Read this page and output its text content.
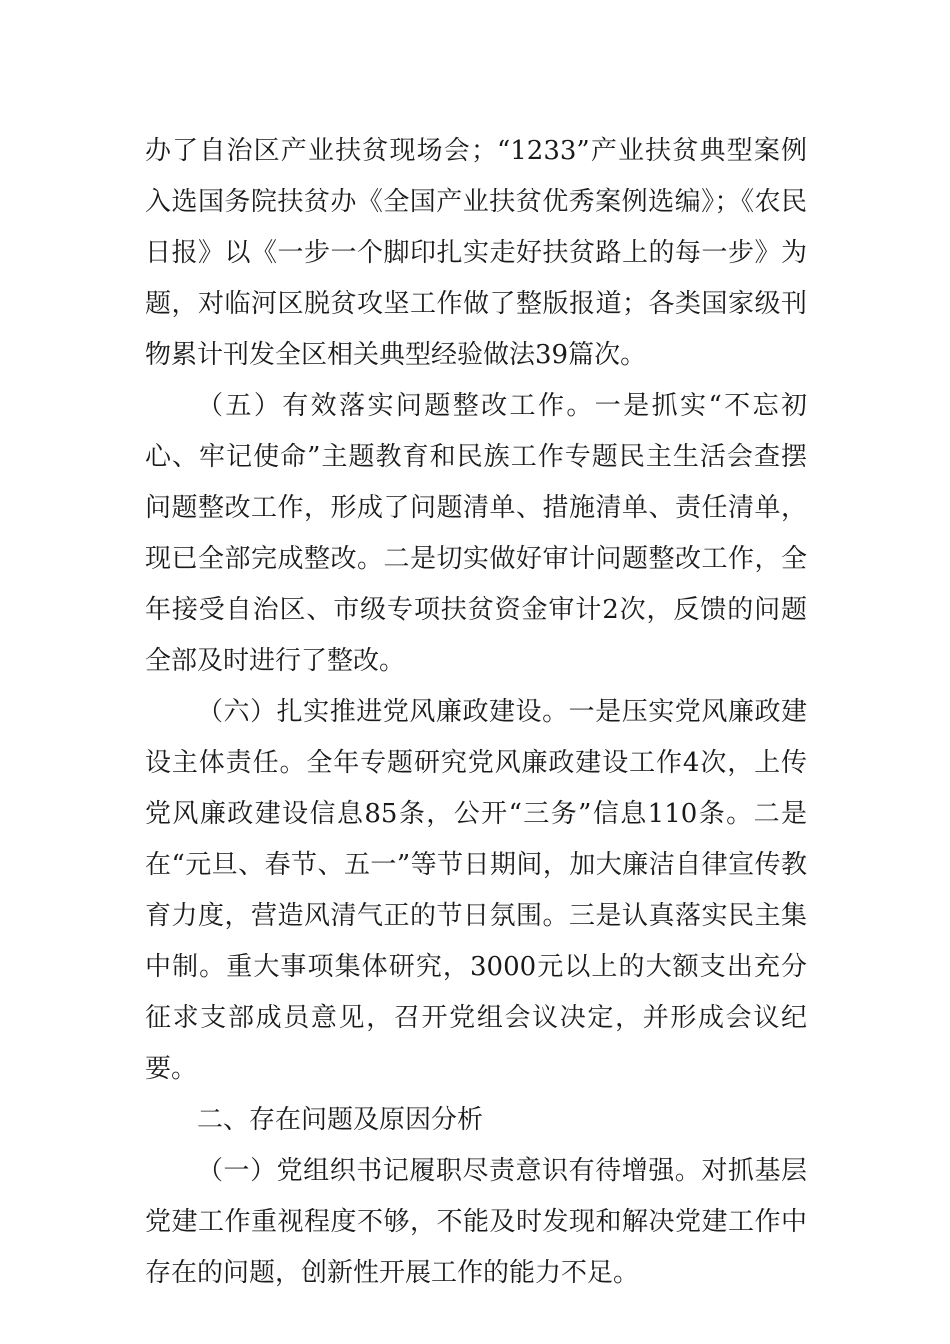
办了自治区产业扶贫现场会；“1233”产业扶贫典型案例入选国务院扶贫办《全国产业扶贫优秀案例选编》；《农民日报》以《一步一个脚印扎实走好扶贫路上的每一步》为题，对临河区脱贫攻坚工作做了整版报道；各类国家级刊物累计刊发全区相关典型经验做法39篇次。

（五）有效落实问题整改工作。一是抓实“不忘初心、牢记使命”主题教育和民族工作专题民主生活会查摆问题整改工作，形成了问题清单、措施清单、责任清单，现已全部完成整改。二是切实做好审计问题整改工作，全年接受自治区、市级专项扶贫资金审计2次，反馈的问题全部及时进行了整改。

（六）扎实推进党风廉政建设。一是压实党风廉政建设主体责任。全年专题研究党风廉政建设工作4次，上传党风廉政建设信息85条，公开“三务”信息110条。二是在“元旦、春节、五一”等节日期间，加大廉洁自律宣传教育力度，营造风清气正的节日氛围。三是认真落实民主集中制。重大事项集体研究，3000元以上的大额支出充分征求支部成员意见，召开党组会议决定，并形成会议纪要。

二、存在问题及原因分析

（一）党组织书记履职尽责意识有待增强。对抓基层党建工作重视程度不够，不能及时发现和解决党建工作中存在的问题，创新性开展工作的能力不足。
